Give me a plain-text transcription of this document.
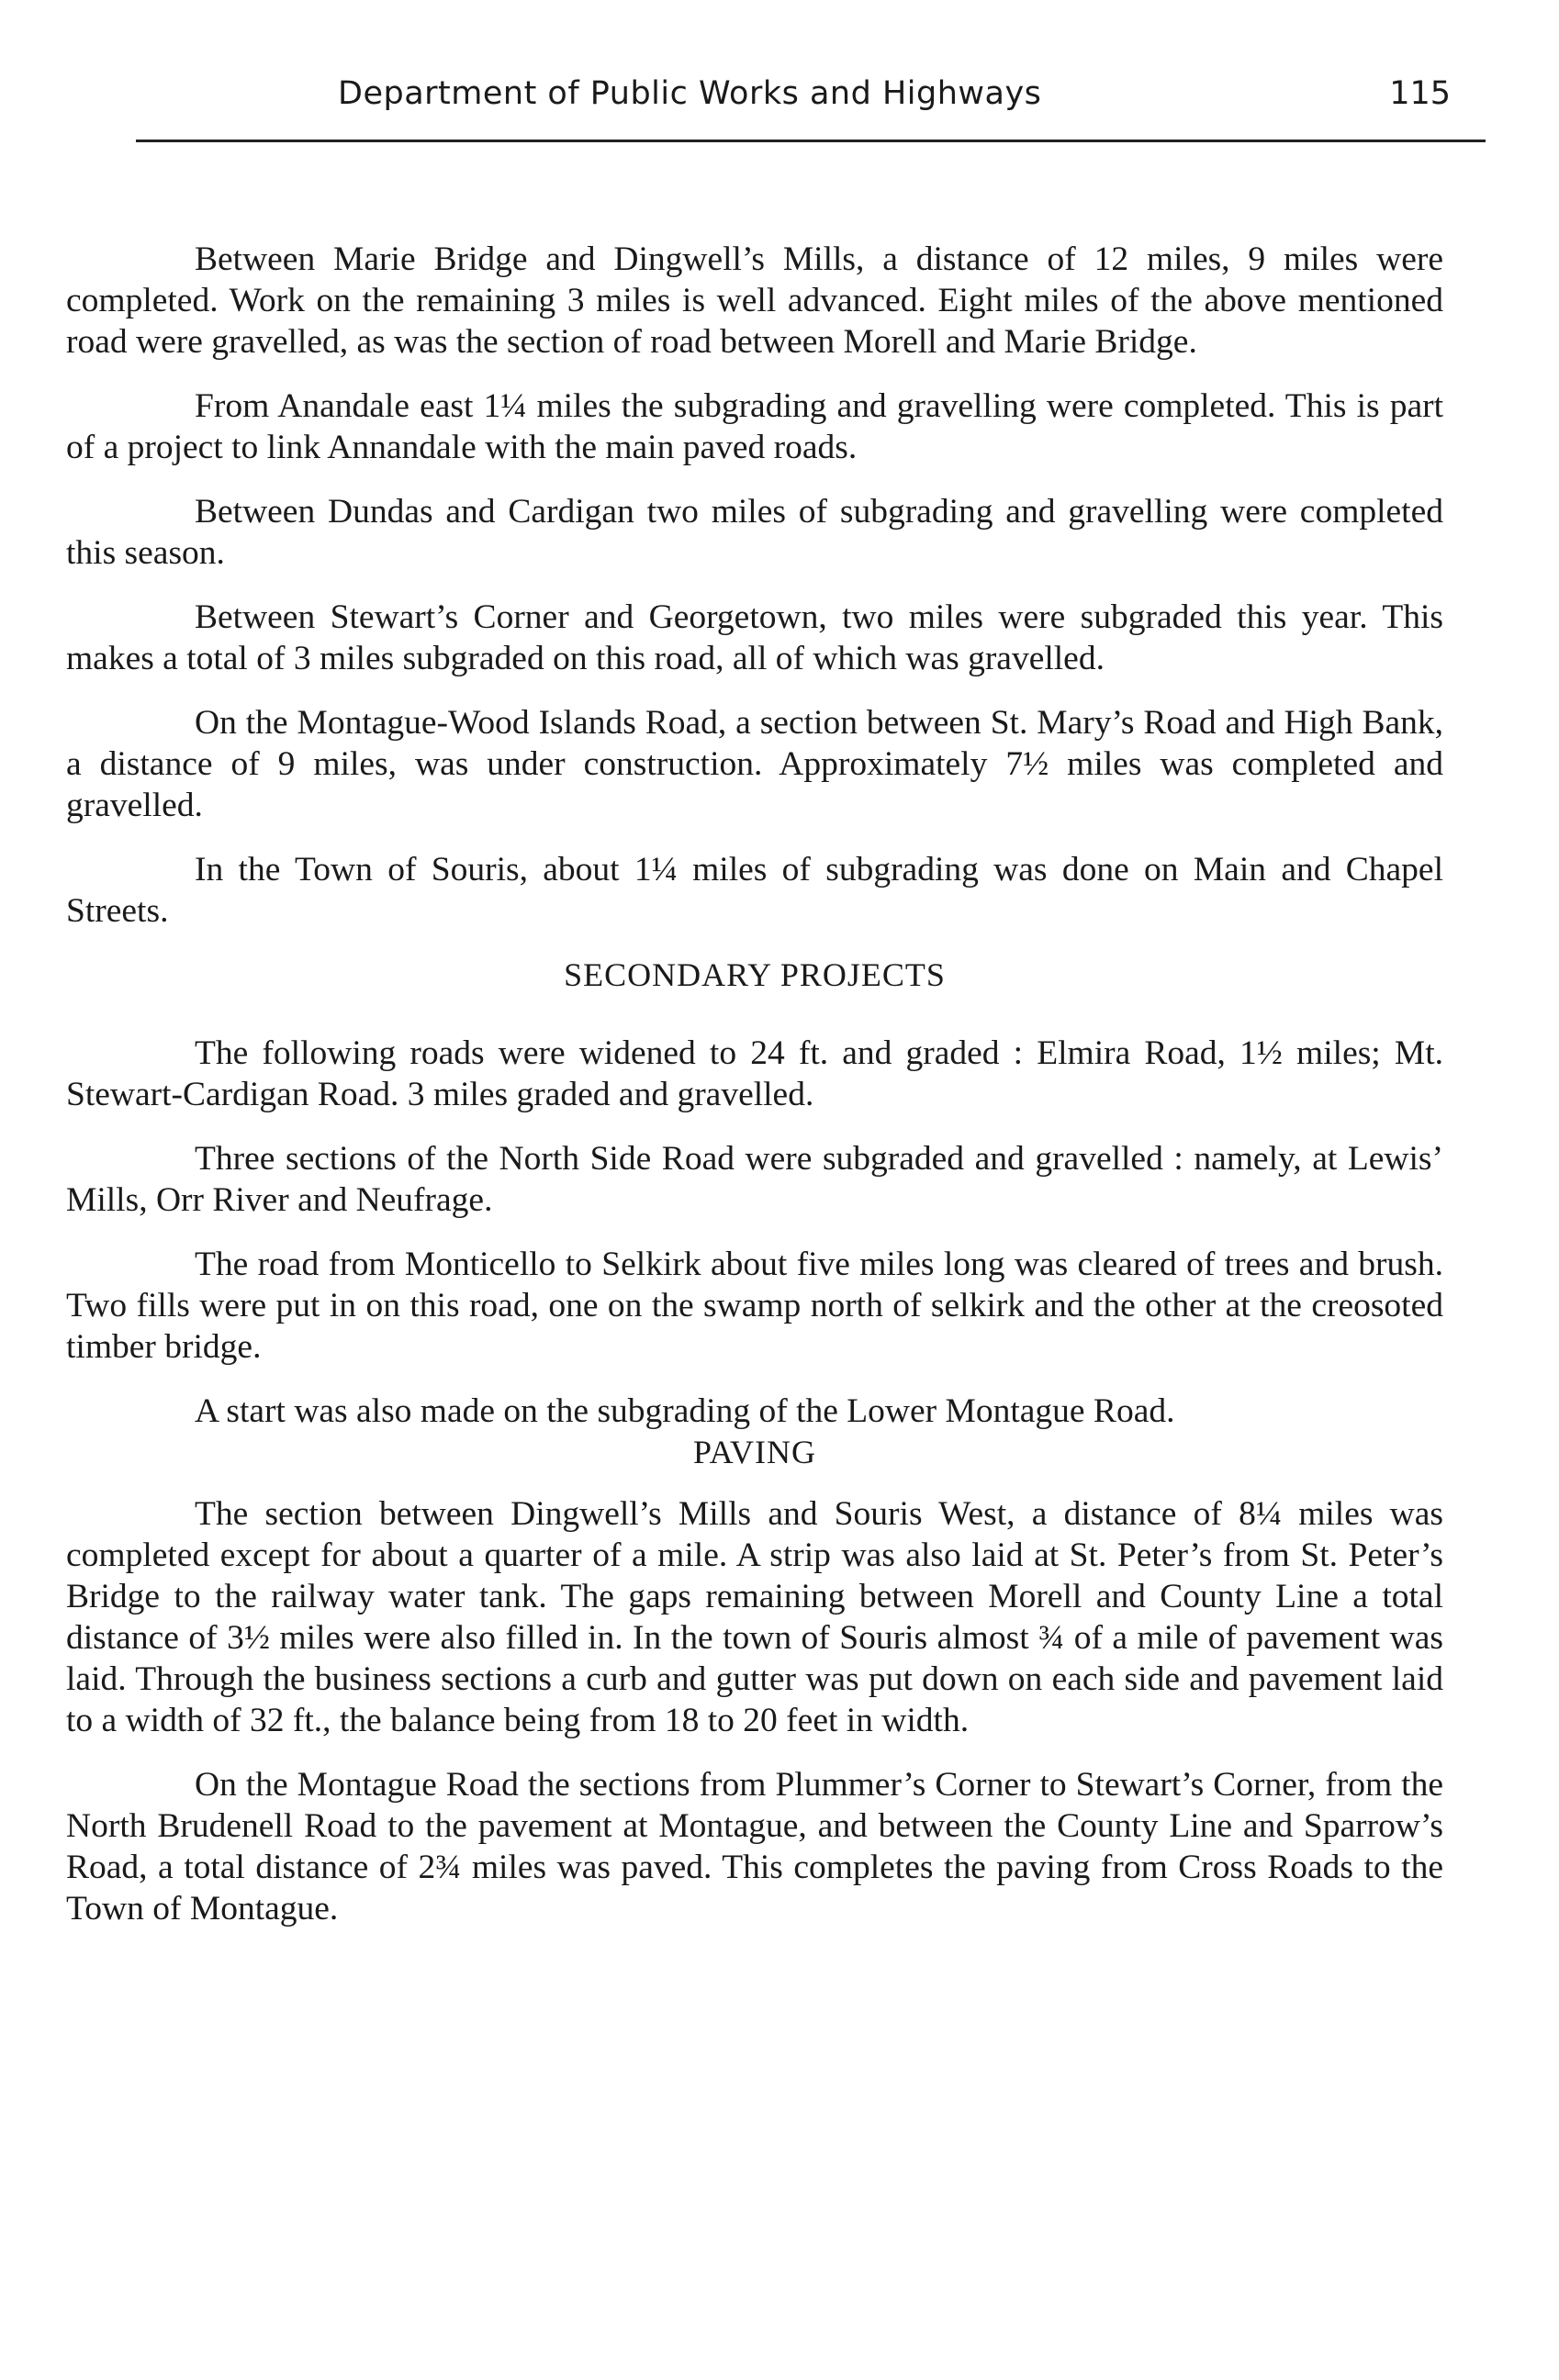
Department of Public Works and Highways	115

Between Marie Bridge and Dingwell’s Mills, a distance of 12 miles, 9 miles were completed. Work on the remaining 3 miles is well advanced. Eight miles of the above mentioned road were gravelled, as was the section of road between Morell and Marie Bridge.

From Anandale east 1¼ miles the subgrading and gravelling were completed. This is part of a project to link Annandale with the main paved roads.

Between Dundas and Cardigan two miles of subgrading and gravelling were completed this season.

Between Stewart’s Corner and Georgetown, two miles were subgraded this year. This makes a total of 3 miles subgraded on this road, all of which was gravelled.

On the Montague-Wood Islands Road, a section between St. Mary’s Road and High Bank, a distance of 9 miles, was under construction. Approximately 7½ miles was completed and gravelled.

In the Town of Souris, about 1¼ miles of subgrading was done on Main and Chapel Streets.

SECONDARY PROJECTS

The following roads were widened to 24 ft. and graded : Elmira Road, 1½ miles; Mt. Stewart-Cardigan Road. 3 miles graded and gravelled.

Three sections of the North Side Road were subgraded and gravelled : namely, at Lewis’ Mills, Orr River and Neufrage.

The road from Monticello to Selkirk about five miles long was cleared of trees and brush. Two fills were put in on this road, one on the swamp north of selkirk and the other at the creosoted timber bridge.

A start was also made on the subgrading of the Lower Montague Road.

PAVING

The section between Dingwell’s Mills and Souris West, a distance of 8¼ miles was completed except for about a quarter of a mile. A strip was also laid at St. Peter’s from St. Peter’s Bridge to the railway water tank. The gaps remaining between Morell and County Line a total distance of 3½ miles were also filled in. In the town of Souris almost ¾ of a mile of pavement was laid. Through the business sections a curb and gutter was put down on each side and pavement laid to a width of 32 ft., the balance being from 18 to 20 feet in width.

On the Montague Road the sections from Plummer’s Corner to Stewart’s Corner, from the North Brudenell Road to the pavement at Montague, and between the County Line and Sparrow’s Road, a total distance of 2¾ miles was paved. This completes the paving from Cross Roads to the Town of Montague.
